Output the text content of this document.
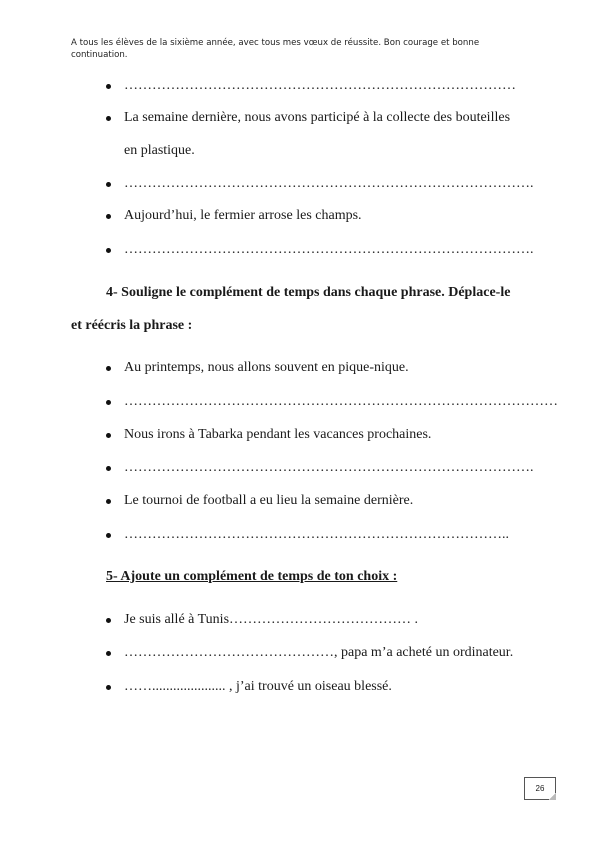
A tous les élèves de la sixième année, avec tous mes vœux de réussite. Bon courage et bonne continuation.
…………………………………………………………………………
La semaine dernière, nous avons participé à la collecte des bouteilles
en plastique.
…………………………………………………………………………….
Aujourd’hui, le fermier arrose les champs.
…………………………………………………………………………….
4- Souligne le complément de temps dans chaque phrase. Déplace-le
et réécris la phrase :
Au printemps, nous allons souvent en pique-nique.
…………………………………………………………………………………
Nous irons à Tabarka pendant les vacances prochaines.
…………………………………………………………………………….
Le tournoi de football a eu lieu la semaine dernière.
………………………………………………………………………..
5- Ajoute un complément de temps de ton choix :
Je suis allé à Tunis………………………………… .
………………………………………, papa m’a acheté un ordinateur.
……..................... , j’ai trouvé un oiseau blessé.
26
